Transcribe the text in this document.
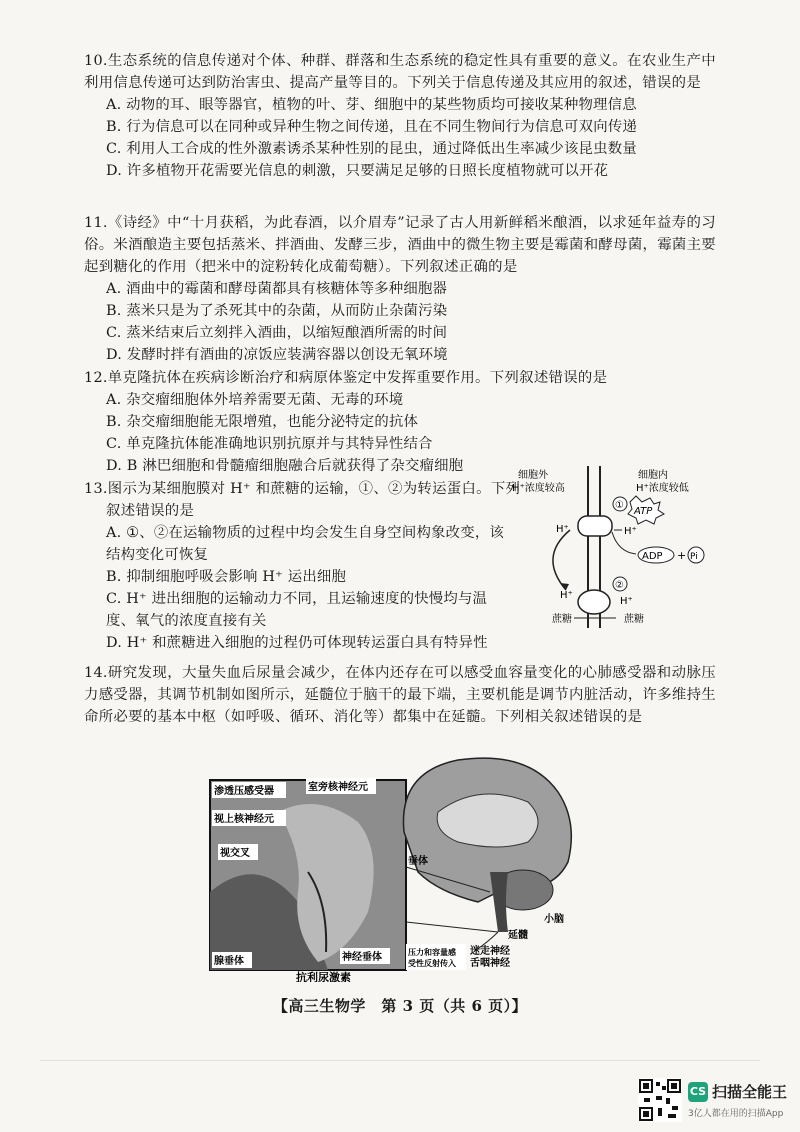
10.生态系统的信息传递对个体、种群、群落和生态系统的稳定性具有重要的意义。在农业生产中利用信息传递可达到防治害虫、提高产量等目的。下列关于信息传递及其应用的叙述，错误的是
A. 动物的耳、眼等器官，植物的叶、芽、细胞中的某些物质均可接收某种物理信息
B. 行为信息可以在同种或异种生物之间传递，且在不同生物间行为信息可双向传递
C. 利用人工合成的性外激素诱杀某种性别的昆虫，通过降低出生率减少该昆虫数量
D. 许多植物开花需要光信息的刺激，只要满足足够的日照长度植物就可以开花
11.《诗经》中“十月获稻，为此春酒，以介眉寿”记录了古人用新鲜稻米酿酒，以求延年益寿的习俗。米酒酿造主要包括蒸米、拌酒曲、发酵三步，酒曲中的微生物主要是霉菌和酵母菌，霉菌主要起到糖化的作用（把米中的淀粉转化成葡萄糖）。下列叙述正确的是
A. 酒曲中的霉菌和酵母菌都具有核糖体等多种细胞器
B. 蒸米只是为了杀死其中的杂菌，从而防止杂菌污染
C. 蒸米结束后立刻拌入酒曲，以缩短酿酒所需的时间
D. 发酵时拌有酒曲的凉饭应装满容器以创设无氧环境
12.单克隆抗体在疾病诊断治疗和病原体鉴定中发挥重要作用。下列叙述错误的是
A. 杂交瘤细胞体外培养需要无菌、无毒的环境
B. 杂交瘤细胞能无限增殖，也能分泌特定的抗体
C. 单克隆抗体能准确地识别抗原并与其特异性结合
D. B 淋巴细胞和骨髓瘤细胞融合后就获得了杂交瘤细胞
13.图示为某细胞膜对 H⁺ 和蔗糖的运输，①、②为转运蛋白。下列
叙述错误的是
A. ①、②在运输物质的过程中均会发生自身空间构象改变，该
结构变化可恢复
B. 抑制细胞呼吸会影响 H⁺ 运出细胞
C. H⁺ 进出细胞的运输动力不同，且运输速度的快慢均与温
度、氧气的浓度直接有关
D. H⁺ 和蔗糖进入细胞的过程仍可体现转运蛋白具有特异性
细胞外
H⁺浓度较高
细胞内
H⁺浓度较低
①
ATP
H⁺	H⁺
ADP + Pi
②
H⁺
H⁺
蔗糖	蔗糖
14.研究发现，大量失血后尿量会减少，在体内还存在可以感受血容量变化的心肺感受器和动脉压力感受器，其调节机制如图所示，延髓位于脑干的最下端，主要机能是调节内脏活动，许多维持生命所必要的基本中枢（如呼吸、循环、消化等）都集中在延髓。下列相关叙述错误的是
渗透压感受器	室旁核神经元
视上核神经元
视交叉
垂体
小脑
延髓
迷走神经
舌咽神经
压力和容量感
受性反射传入
神经垂体
腺垂体
抗利尿激素
【高三生物学　第 3 页（共 6 页）】
CS 扫描全能王
3亿人都在用的扫描App
